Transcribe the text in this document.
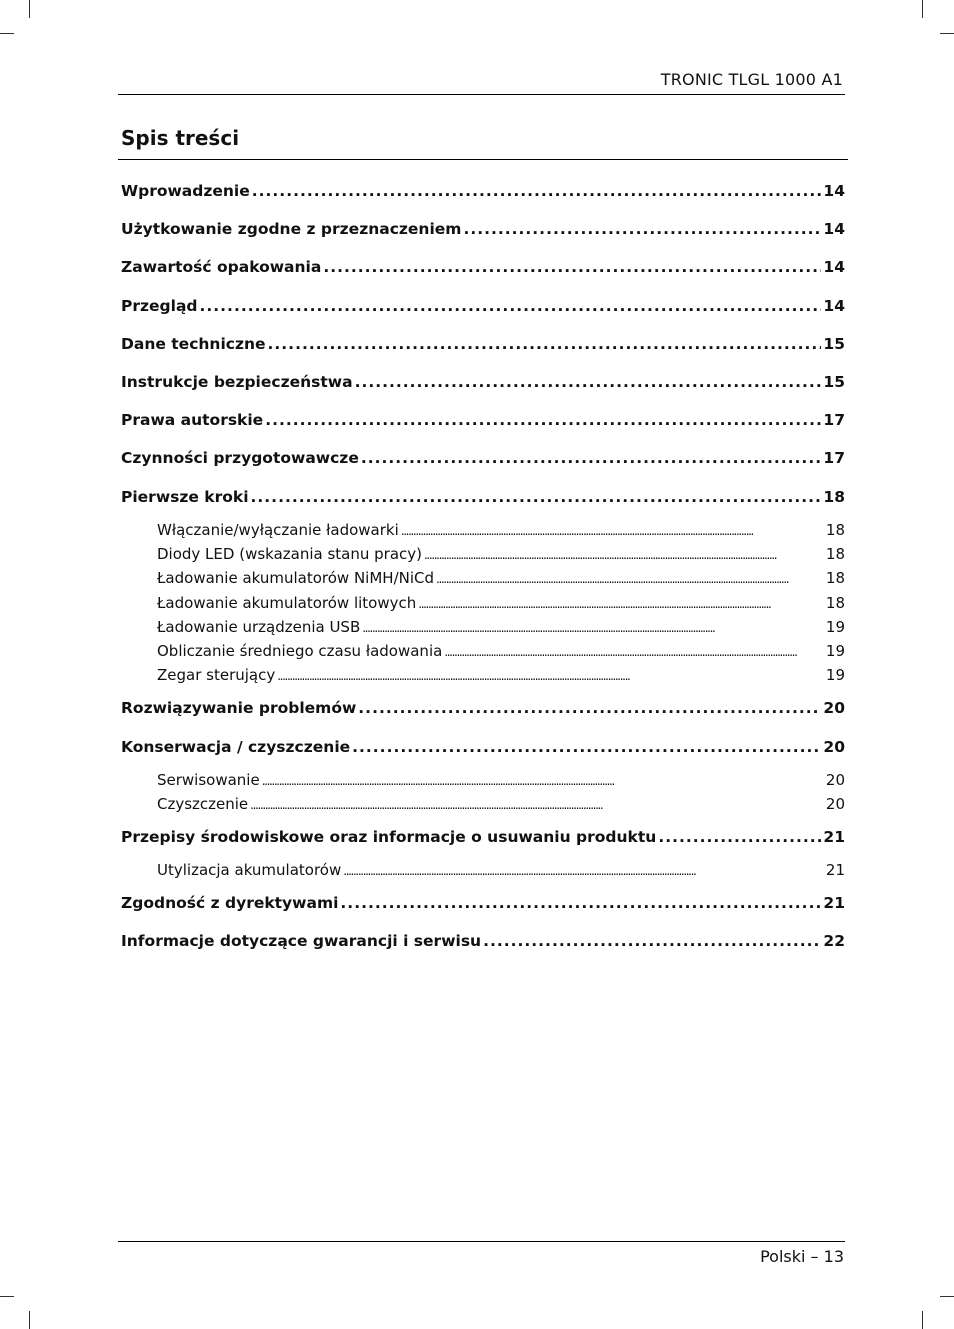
TRONIC TLGL 1000 A1
Spis treści
Wprowadzenie . . .	14
Użytkowanie zgodne z przeznaczeniem . . .	14
Zawartość opakowania . . .	14
Przegląd . . .	14
Dane techniczne . . .	15
Instrukcje bezpieczeństwa . . .	15
Prawa autorskie . . .	17
Czynności przygotowawcze . . .	17
Pierwsze kroki . . .	18
Włączanie/wyłączanie ładowarki . . .	18
Diody LED (wskazania stanu pracy) . . .	18
Ładowanie akumulatorów NiMH/NiCd . . .	18
Ładowanie akumulatorów litowych . . .	18
Ładowanie urządzenia USB . . .	19
Obliczanie średniego czasu ładowania . . .	19
Zegar sterujący . . .	19
Rozwiązywanie problemów . . .	20
Konserwacja / czyszczenie . . .	20
Serwisowanie . . .	20
Czyszczenie . . .	20
Przepisy środowiskowe oraz informacje o usuwaniu produktu . . .	21
Utylizacja akumulatorów . . .	21
Zgodność z dyrektywami . . .	21
Informacje dotyczące gwarancji i serwisu . . .	22
Polski – 13
